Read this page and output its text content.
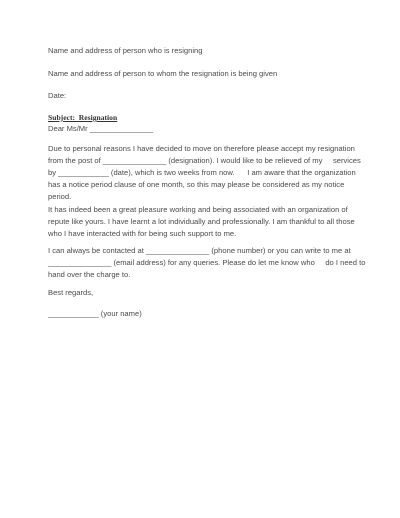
Name and address of person who is resigning

Name and address of person to whom the resignation is being given

Date:

Subject:  Resignation

Dear Ms/Mr _______________

Due to personal reasons I have decided to move on therefore please accept my resignation

from the post of _______________ (designation). I would like to be relieved of my     services

by ____________ (date), which is two weeks from now.      I am aware that the organization

has a notice period clause of one month, so this may please be considered as my notice

period.

It has indeed been a great pleasure working and being associated with an organization of

repute like yours. I have learnt a lot individually and professionally. I am thankful to all those

who I have interacted with for being such support to me.

I can always be contacted at _______________ (phone number) or you can write to me at

_______________ (email address) for any queries. Please do let me know who     do I need to

hand over the charge to.

Best regards,

____________ (your name)
